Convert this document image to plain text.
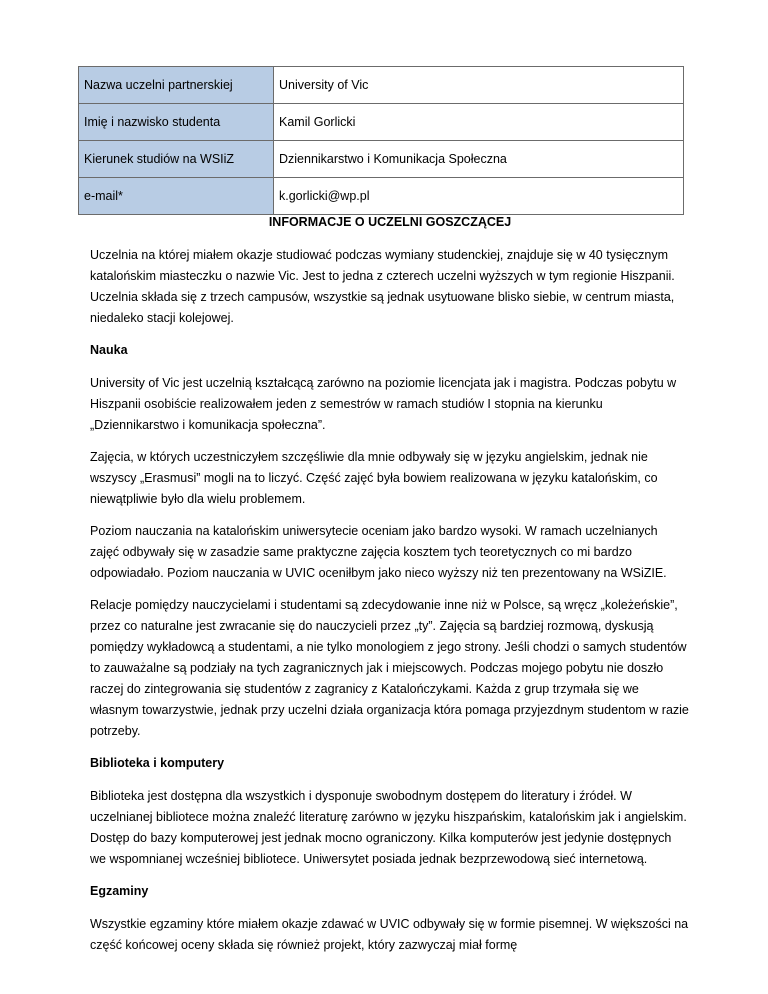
Nazwa uczelni partnerskiej	University of Vic
Imię i nazwisko studenta	Kamil Gorlicki
Kierunek studiów na WSIiZ	Dziennikarstwo i Komunikacja Społeczna
e-mail*	k.gorlicki@wp.pl
INFORMACJE O UCZELNI GOSZCZĄCEJ

Uczelnia na której miałem okazje studiować podczas wymiany studenckiej, znajduje się w 40 tysięcznym katalońskim miasteczku o nazwie Vic. Jest to jedna z czterech uczelni wyższych w tym regionie Hiszpanii. Uczelnia składa się z trzech campusów, wszystkie są jednak usytuowane blisko siebie, w centrum miasta, niedaleko stacji kolejowej.

Nauka

University of Vic jest uczelnią kształcącą zarówno na poziomie licencjata jak i magistra. Podczas pobytu w Hiszpanii osobiście realizowałem jeden z semestrów w ramach studiów I stopnia na kierunku „Dziennikarstwo i komunikacja społeczna”.

Zajęcia, w których uczestniczyłem szczęśliwie dla mnie odbywały się w języku angielskim, jednak nie wszyscy „Erasmusi” mogli na to liczyć. Część zajęć była bowiem realizowana w języku katalońskim, co niewątpliwie było dla wielu problemem.

Poziom nauczania na katalońskim uniwersytecie oceniam jako bardzo wysoki. W ramach uczelnianych zajęć odbywały się w zasadzie same praktyczne zajęcia kosztem tych teoretycznych co mi bardzo odpowiadało. Poziom nauczania w UVIC oceniłbym jako nieco wyższy niż ten prezentowany na WSiZIE.

Relacje pomiędzy nauczycielami i studentami są zdecydowanie inne niż w Polsce, są wręcz „koleżeńskie”, przez co naturalne jest zwracanie się do nauczycieli przez „ty”. Zajęcia są bardziej rozmową, dyskusją pomiędzy wykładowcą a studentami, a nie tylko monologiem z jego strony. Jeśli chodzi o samych studentów to zauważalne są podziały na tych zagranicznych jak i miejscowych. Podczas mojego pobytu nie doszło raczej do zintegrowania się studentów z zagranicy z Katalończykami. Każda z grup trzymała się we własnym towarzystwie, jednak przy uczelni działa organizacja która pomaga przyjezdnym studentom w razie potrzeby.

Biblioteka i komputery

Biblioteka jest dostępna dla wszystkich i dysponuje swobodnym dostępem do literatury i źródeł. W uczelnianej bibliotece można znaleźć literaturę zarówno w języku hiszpańskim, katalońskim jak i angielskim. Dostęp do bazy komputerowej jest jednak mocno ograniczony. Kilka komputerów jest jedynie dostępnych we wspomnianej wcześniej bibliotece. Uniwersytet posiada jednak bezprzewodową sieć internetową.

Egzaminy

Wszystkie egzaminy które miałem okazje zdawać w UVIC odbywały się w formie pisemnej. W większości na część końcowej oceny składa się również projekt, który zazwyczaj miał formę
